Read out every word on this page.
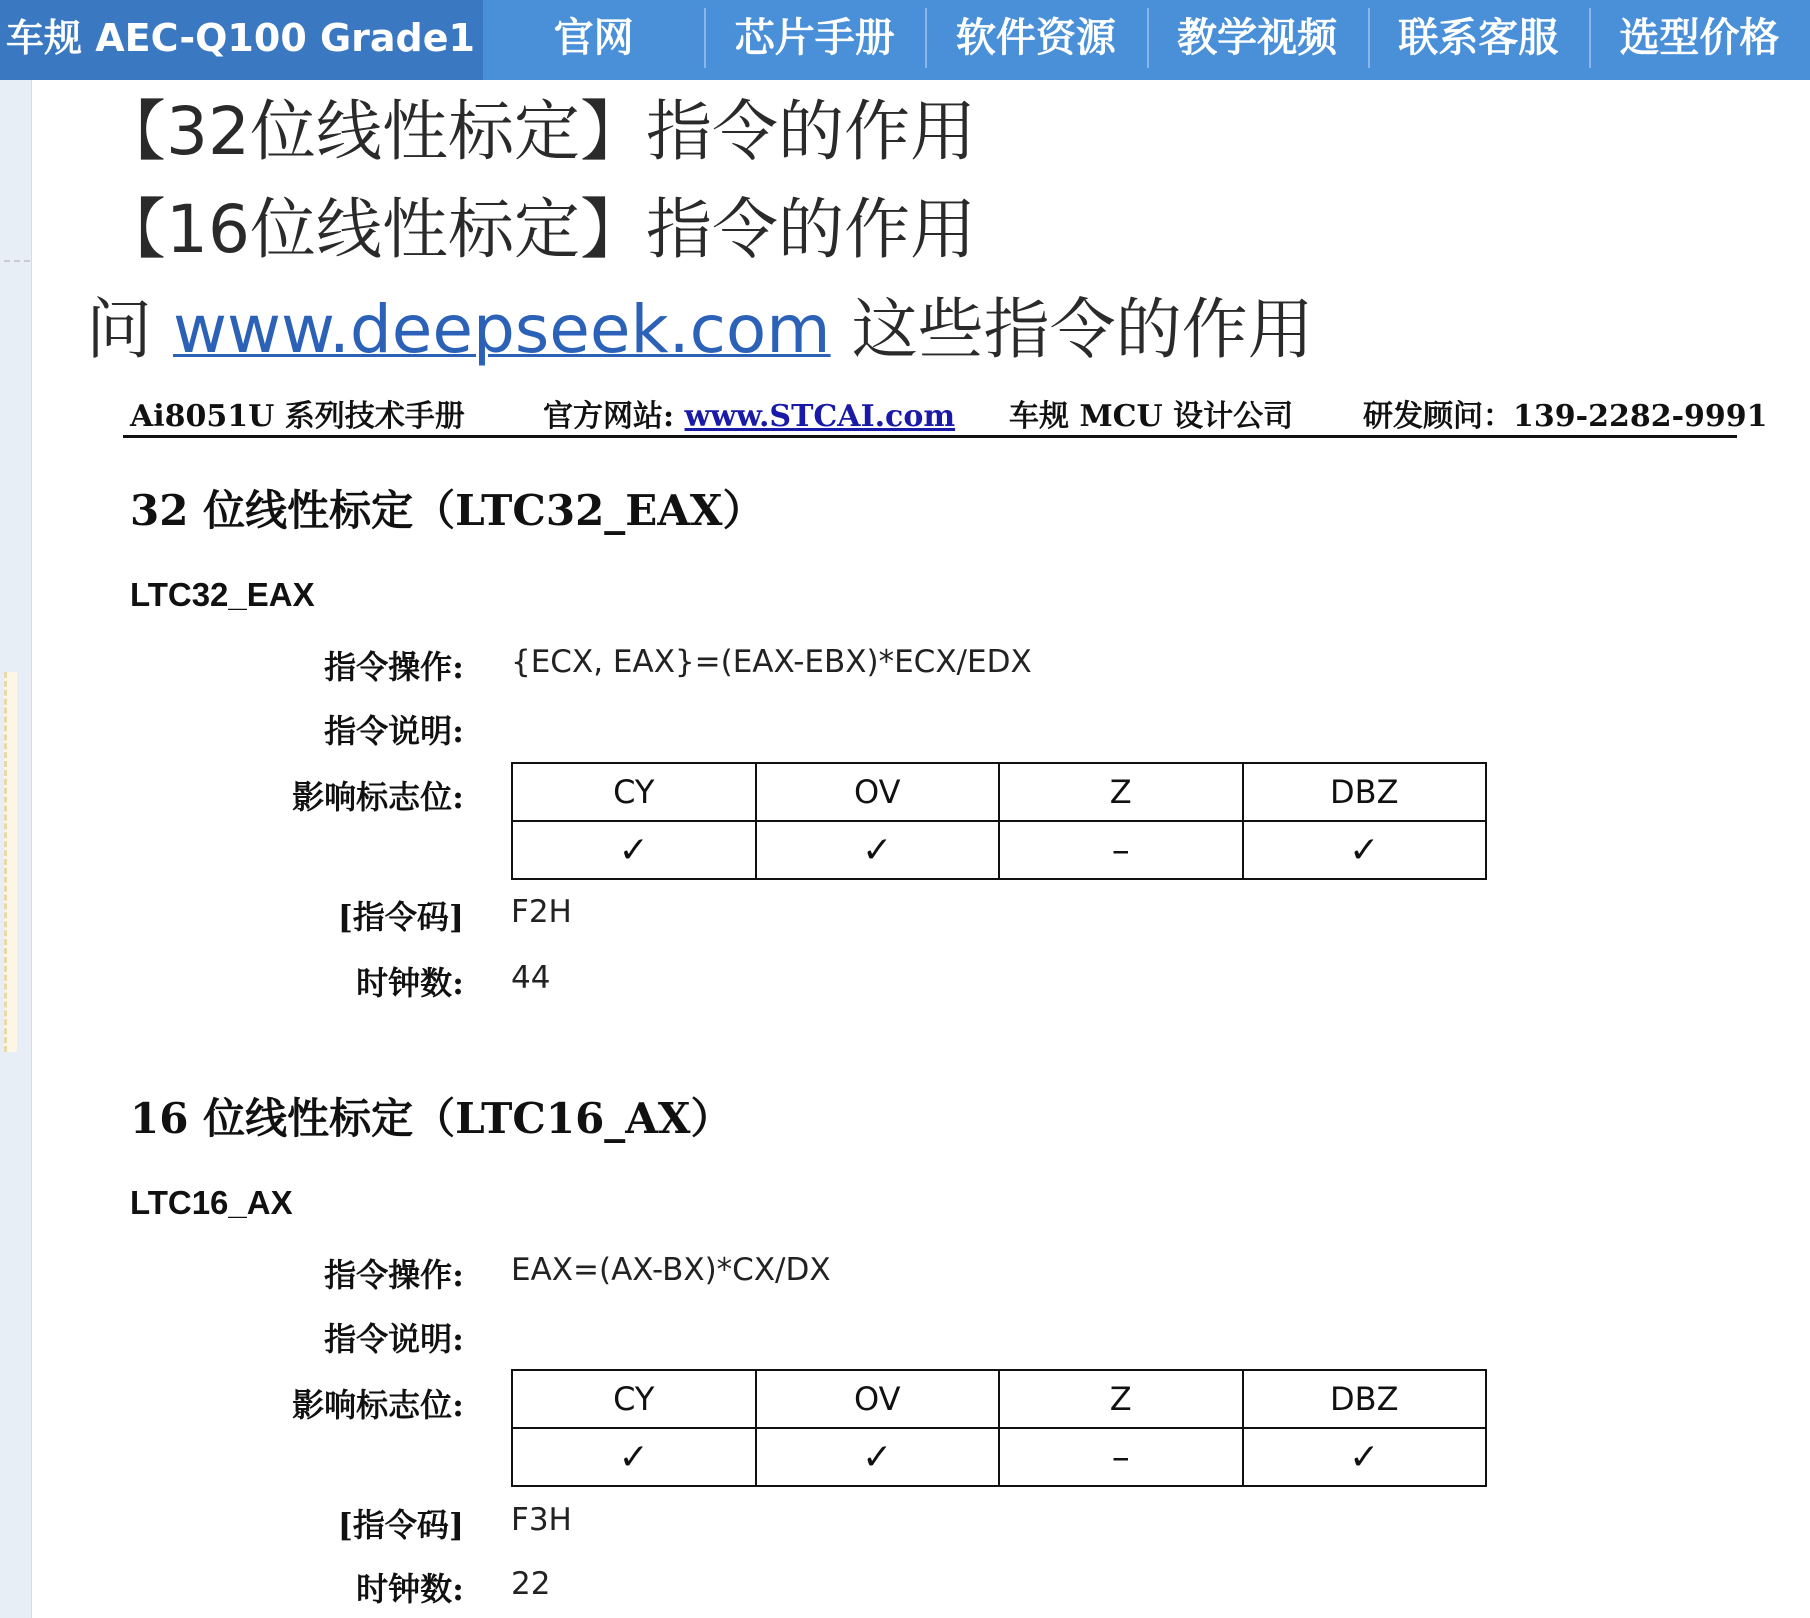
车规 AEC-Q100 Grade1	官网	芯片手册	软件资源	教学视频	联系客服	选型价格
【32位线性标定】指令的作用
【16位线性标定】指令的作用
问 www.deepseek.com 这些指令的作用
Ai8051U 系列技术手册	官方网站: www.STCAI.com 车规 MCU 设计公司 研发顾问：139-2282-9991
32 位线性标定（LTC32_EAX）
LTC32_EAX
指令操作: {ECX, EAX}=(EAX-EBX)*ECX/EDX
指令说明:
影响标志位:	CY	OV	Z	DBZ
✓	✓	–	✓
[指令码] F2H
时钟数: 44
16 位线性标定（LTC16_AX）
LTC16_AX
指令操作: EAX=(AX-BX)*CX/DX
指令说明:
影响标志位:	CY	OV	Z	DBZ
✓	✓	–	✓
[指令码] F3H
时钟数: 22
